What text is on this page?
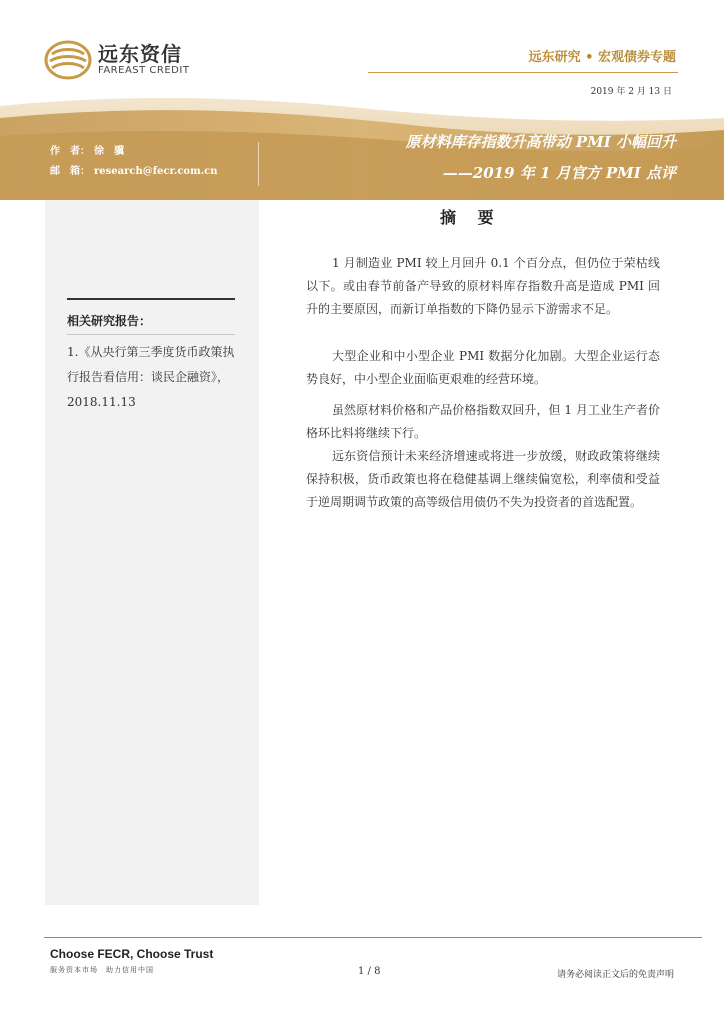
远东资信
FAREAST CREDIT
远东研究 • 宏观债券专题
2019 年 2 月 13 日
作　者： 徐　骥
邮　箱： research@fecr.com.cn
原材料库存指数升高带动 PMI 小幅回升
——2019 年 1 月官方 PMI 点评
相关研究报告：
1.《从央行第三季度货币政策执行报告看信用：谈民企融资》，2018.11.13
摘 要

1 月制造业 PMI 较上月回升 0.1 个百分点，但仍位于荣枯线以下。或由春节前备产导致的原材料库存指数升高是造成 PMI 回升的主要原因，而新订单指数的下降仍显示下游需求不足。

大型企业和中小型企业 PMI 数据分化加剧。大型企业运行态势良好，中小型企业面临更艰难的经营环境。

虽然原材料价格和产品价格指数双回升，但 1 月工业生产者价格环比料将继续下行。

远东资信预计未来经济增速或将进一步放缓，财政政策将继续保持积极，货币政策也将在稳健基调上继续偏宽松，利率债和受益于逆周期调节政策的高等级信用债仍不失为投资者的首选配置。

Choose FECR, Choose Trust
服务资本市场　助力信用中国	1 / 8	请务必阅读正文后的免责声明
